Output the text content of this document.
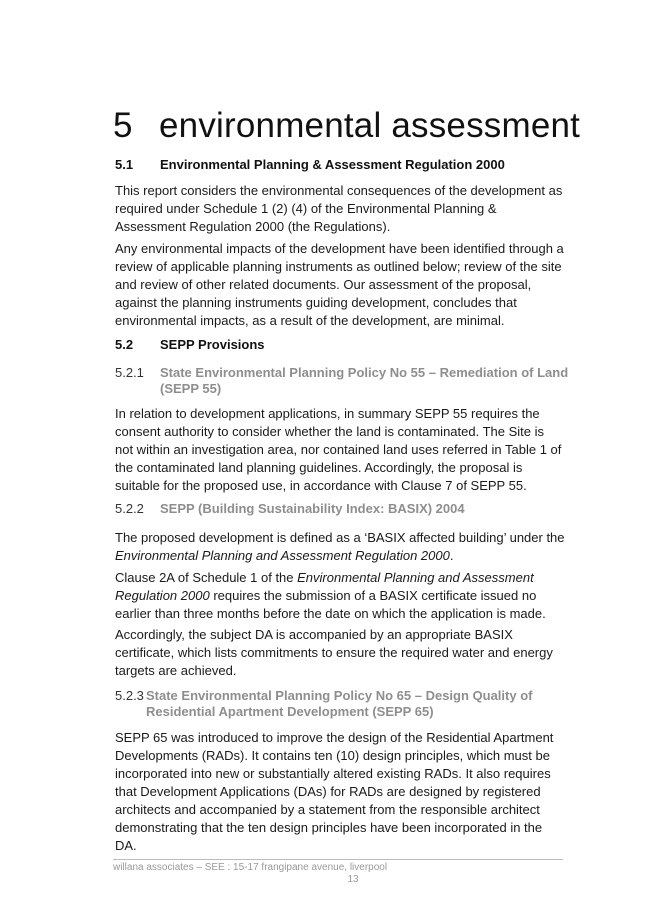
5 environmental assessment
5.1 Environmental Planning & Assessment Regulation 2000

This report considers the environmental consequences of the development as required under Schedule 1 (2) (4) of the Environmental Planning & Assessment Regulation 2000 (the Regulations).

Any environmental impacts of the development have been identified through a review of applicable planning instruments as outlined below; review of the site and review of other related documents. Our assessment of the proposal, against the planning instruments guiding development, concludes that environmental impacts, as a result of the development, are minimal.

5.2 SEPP Provisions
5.2.1 State Environmental Planning Policy No 55 – Remediation of Land (SEPP 55)

In relation to development applications, in summary SEPP 55 requires the consent authority to consider whether the land is contaminated. The Site is not within an investigation area, nor contained land uses referred in Table 1 of the contaminated land planning guidelines. Accordingly, the proposal is suitable for the proposed use, in accordance with Clause 7 of SEPP 55.

5.2.2 SEPP (Building Sustainability Index: BASIX) 2004

The proposed development is defined as a ‘BASIX affected building’ under the Environmental Planning and Assessment Regulation 2000.

Clause 2A of Schedule 1 of the Environmental Planning and Assessment Regulation 2000 requires the submission of a BASIX certificate issued no earlier than three months before the date on which the application is made.

Accordingly, the subject DA is accompanied by an appropriate BASIX certificate, which lists commitments to ensure the required water and energy targets are achieved.

5.2.3 State Environmental Planning Policy No 65 – Design Quality of Residential Apartment Development (SEPP 65)

SEPP 65 was introduced to improve the design of the Residential Apartment Developments (RADs). It contains ten (10) design principles, which must be incorporated into new or substantially altered existing RADs. It also requires that Development Applications (DAs) for RADs are designed by registered architects and accompanied by a statement from the responsible architect demonstrating that the ten design principles have been incorporated in the DA.

willana associates – SEE : 15-17 frangipane avenue, liverpool
13
